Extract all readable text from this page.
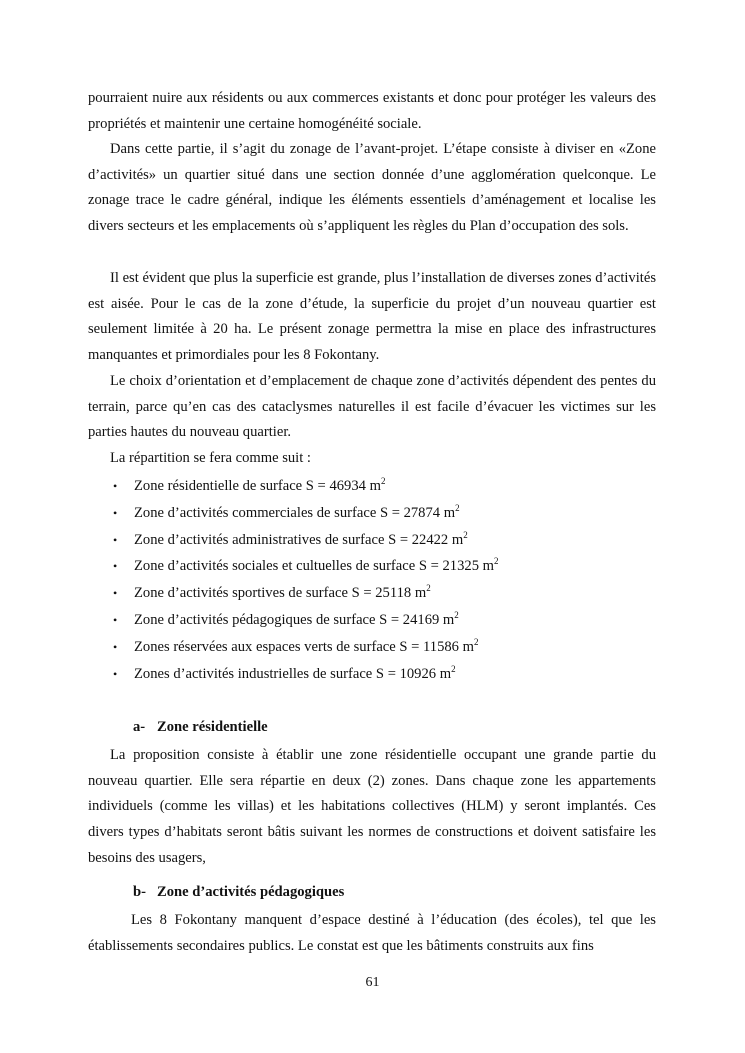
pourraient nuire aux résidents ou aux commerces existants et donc pour protéger les valeurs des propriétés et maintenir une certaine homogénéité sociale.

Dans cette partie, il s’agit du zonage de l’avant-projet. L’étape consiste à diviser en «Zone d’activités» un quartier situé dans une section donnée d’une agglomération quelconque. Le zonage trace le cadre général, indique les éléments essentiels d’aménagement et localise les divers secteurs et les emplacements où s’appliquent les règles du Plan d’occupation des sols.

Il est évident que plus la superficie est grande, plus l’installation de diverses zones d’activités est aisée. Pour le cas de la zone d’étude, la superficie du projet d’un nouveau quartier est seulement limitée à 20 ha. Le présent zonage permettra la mise en place des infrastructures manquantes et primordiales pour les 8 Fokontany.

Le choix d’orientation et d’emplacement de chaque zone d’activités dépendent des pentes du terrain, parce qu’en cas des cataclysmes naturelles il est facile d’évacuer les victimes sur les parties hautes du nouveau quartier.

La répartition se fera comme suit :

• Zone résidentielle de surface S = 46934 $m^2$
• Zone d’activités commerciales de surface S = 27874 $m^2$
• Zone d’activités administratives de surface S = 22422 $m^2$
• Zone d’activités sociales et cultuelles de surface S = 21325 $m^2$
• Zone d’activités sportives de surface S = 25118 $m^2$
• Zone d’activités pédagogiques de surface S = 24169 $m^2$
• Zones réservées aux espaces verts de surface S = 11586 $m^2$
• Zones d’activités industrielles de surface S = 10926 $m^2$
a- Zone résidentielle

La proposition consiste à établir une zone résidentielle occupant une grande partie du nouveau quartier. Elle sera répartie en deux (2) zones. Dans chaque zone les appartements individuels (comme les villas) et les habitations collectives (HLM) y seront implantés. Ces divers types d’habitats seront bâtis suivant les normes de constructions et doivent satisfaire les besoins des usagers,

b- Zone d’activités pédagogiques

Les 8 Fokontany manquent d’espace destiné à l’éducation (des écoles), tel que les établissements secondaires publics. Le constat est que les bâtiments construits aux fins

61
